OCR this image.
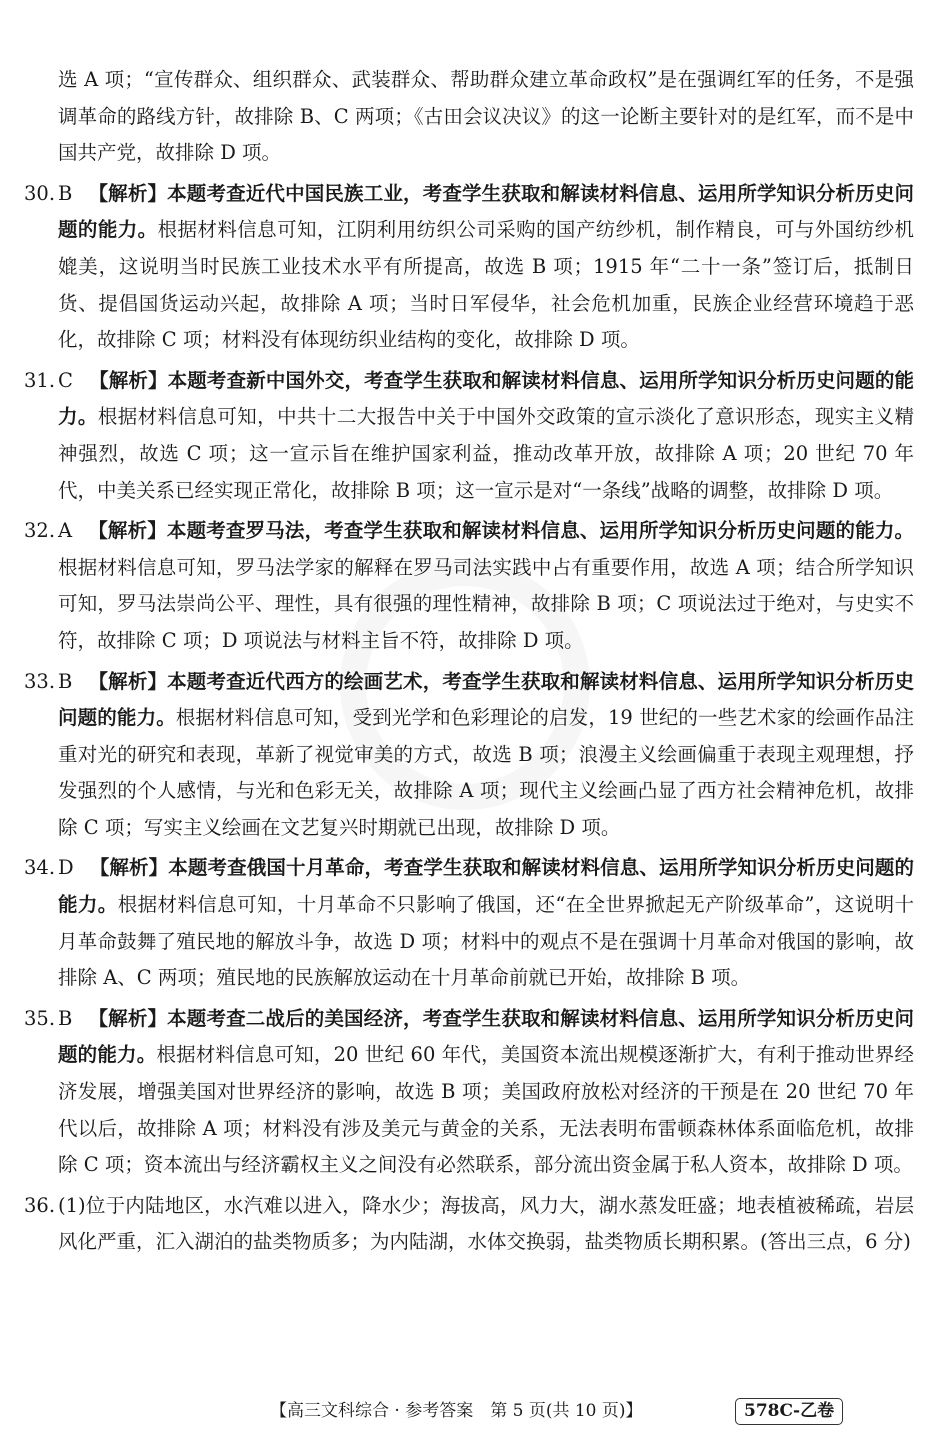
选 A 项；“宣传群众、组织群众、武装群众、帮助群众建立革命政权”是在强调红军的任务，不是强调革命的路线方针，故排除 B、C 两项；《古田会议决议》的这一论断主要针对的是红军，而不是中国共产党，故排除 D 项。
30. B 【解析】本题考查近代中国民族工业，考查学生获取和解读材料信息、运用所学知识分析历史问题的能力。根据材料信息可知，江阴利用纺织公司采购的国产纺纱机，制作精良，可与外国纺纱机媲美，这说明当时民族工业技术水平有所提高，故选 B 项；1915 年“二十一条”签订后，抵制日货、提倡国货运动兴起，故排除 A 项；当时日军侵华，社会危机加重，民族企业经营环境趋于恶化，故排除 C 项；材料没有体现纺织业结构的变化，故排除 D 项。
31. C 【解析】本题考查新中国外交，考查学生获取和解读材料信息、运用所学知识分析历史问题的能力。根据材料信息可知，中共十二大报告中关于中国外交政策的宣示淡化了意识形态，现实主义精神强烈，故选 C 项；这一宣示旨在维护国家利益，推动改革开放，故排除 A 项；20 世纪 70 年代，中美关系已经实现正常化，故排除 B 项；这一宣示是对“一条线”战略的调整，故排除 D 项。
32. A 【解析】本题考查罗马法，考查学生获取和解读材料信息、运用所学知识分析历史问题的能力。根据材料信息可知，罗马法学家的解释在罗马司法实践中占有重要作用，故选 A 项；结合所学知识可知，罗马法崇尚公平、理性，具有很强的理性精神，故排除 B 项；C 项说法过于绝对，与史实不符，故排除 C 项；D 项说法与材料主旨不符，故排除 D 项。
33. B 【解析】本题考查近代西方的绘画艺术，考查学生获取和解读材料信息、运用所学知识分析历史问题的能力。根据材料信息可知，受到光学和色彩理论的启发，19 世纪的一些艺术家的绘画作品注重对光的研究和表现，革新了视觉审美的方式，故选 B 项；浪漫主义绘画偏重于表现主观理想，抒发强烈的个人感情，与光和色彩无关，故排除 A 项；现代主义绘画凸显了西方社会精神危机，故排除 C 项；写实主义绘画在文艺复兴时期就已出现，故排除 D 项。
34. D 【解析】本题考查俄国十月革命，考查学生获取和解读材料信息、运用所学知识分析历史问题的能力。根据材料信息可知，十月革命不只影响了俄国，还“在全世界掀起无产阶级革命”，这说明十月革命鼓舞了殖民地的解放斗争，故选 D 项；材料中的观点不是在强调十月革命对俄国的影响，故排除 A、C 两项；殖民地的民族解放运动在十月革命前就已开始，故排除 B 项。
35. B 【解析】本题考查二战后的美国经济，考查学生获取和解读材料信息、运用所学知识分析历史问题的能力。根据材料信息可知，20 世纪 60 年代，美国资本流出规模逐渐扩大，有利于推动世界经济发展，增强美国对世界经济的影响，故选 B 项；美国政府放松对经济的干预是在 20 世纪 70 年代以后，故排除 A 项；材料没有涉及美元与黄金的关系，无法表明布雷顿森林体系面临危机，故排除 C 项；资本流出与经济霸权主义之间没有必然联系，部分流出资金属于私人资本，故排除 D 项。
36. (1)位于内陆地区，水汽难以进入，降水少；海拔高，风力大，湖水蒸发旺盛；地表植被稀疏，岩层风化严重，汇入湖泊的盐类物质多；为内陆湖，水体交换弱，盐类物质长期积累。(答出三点，6 分)
【高三文科综合 · 参考答案　第 5 页(共 10 页)】	578C-乙卷
